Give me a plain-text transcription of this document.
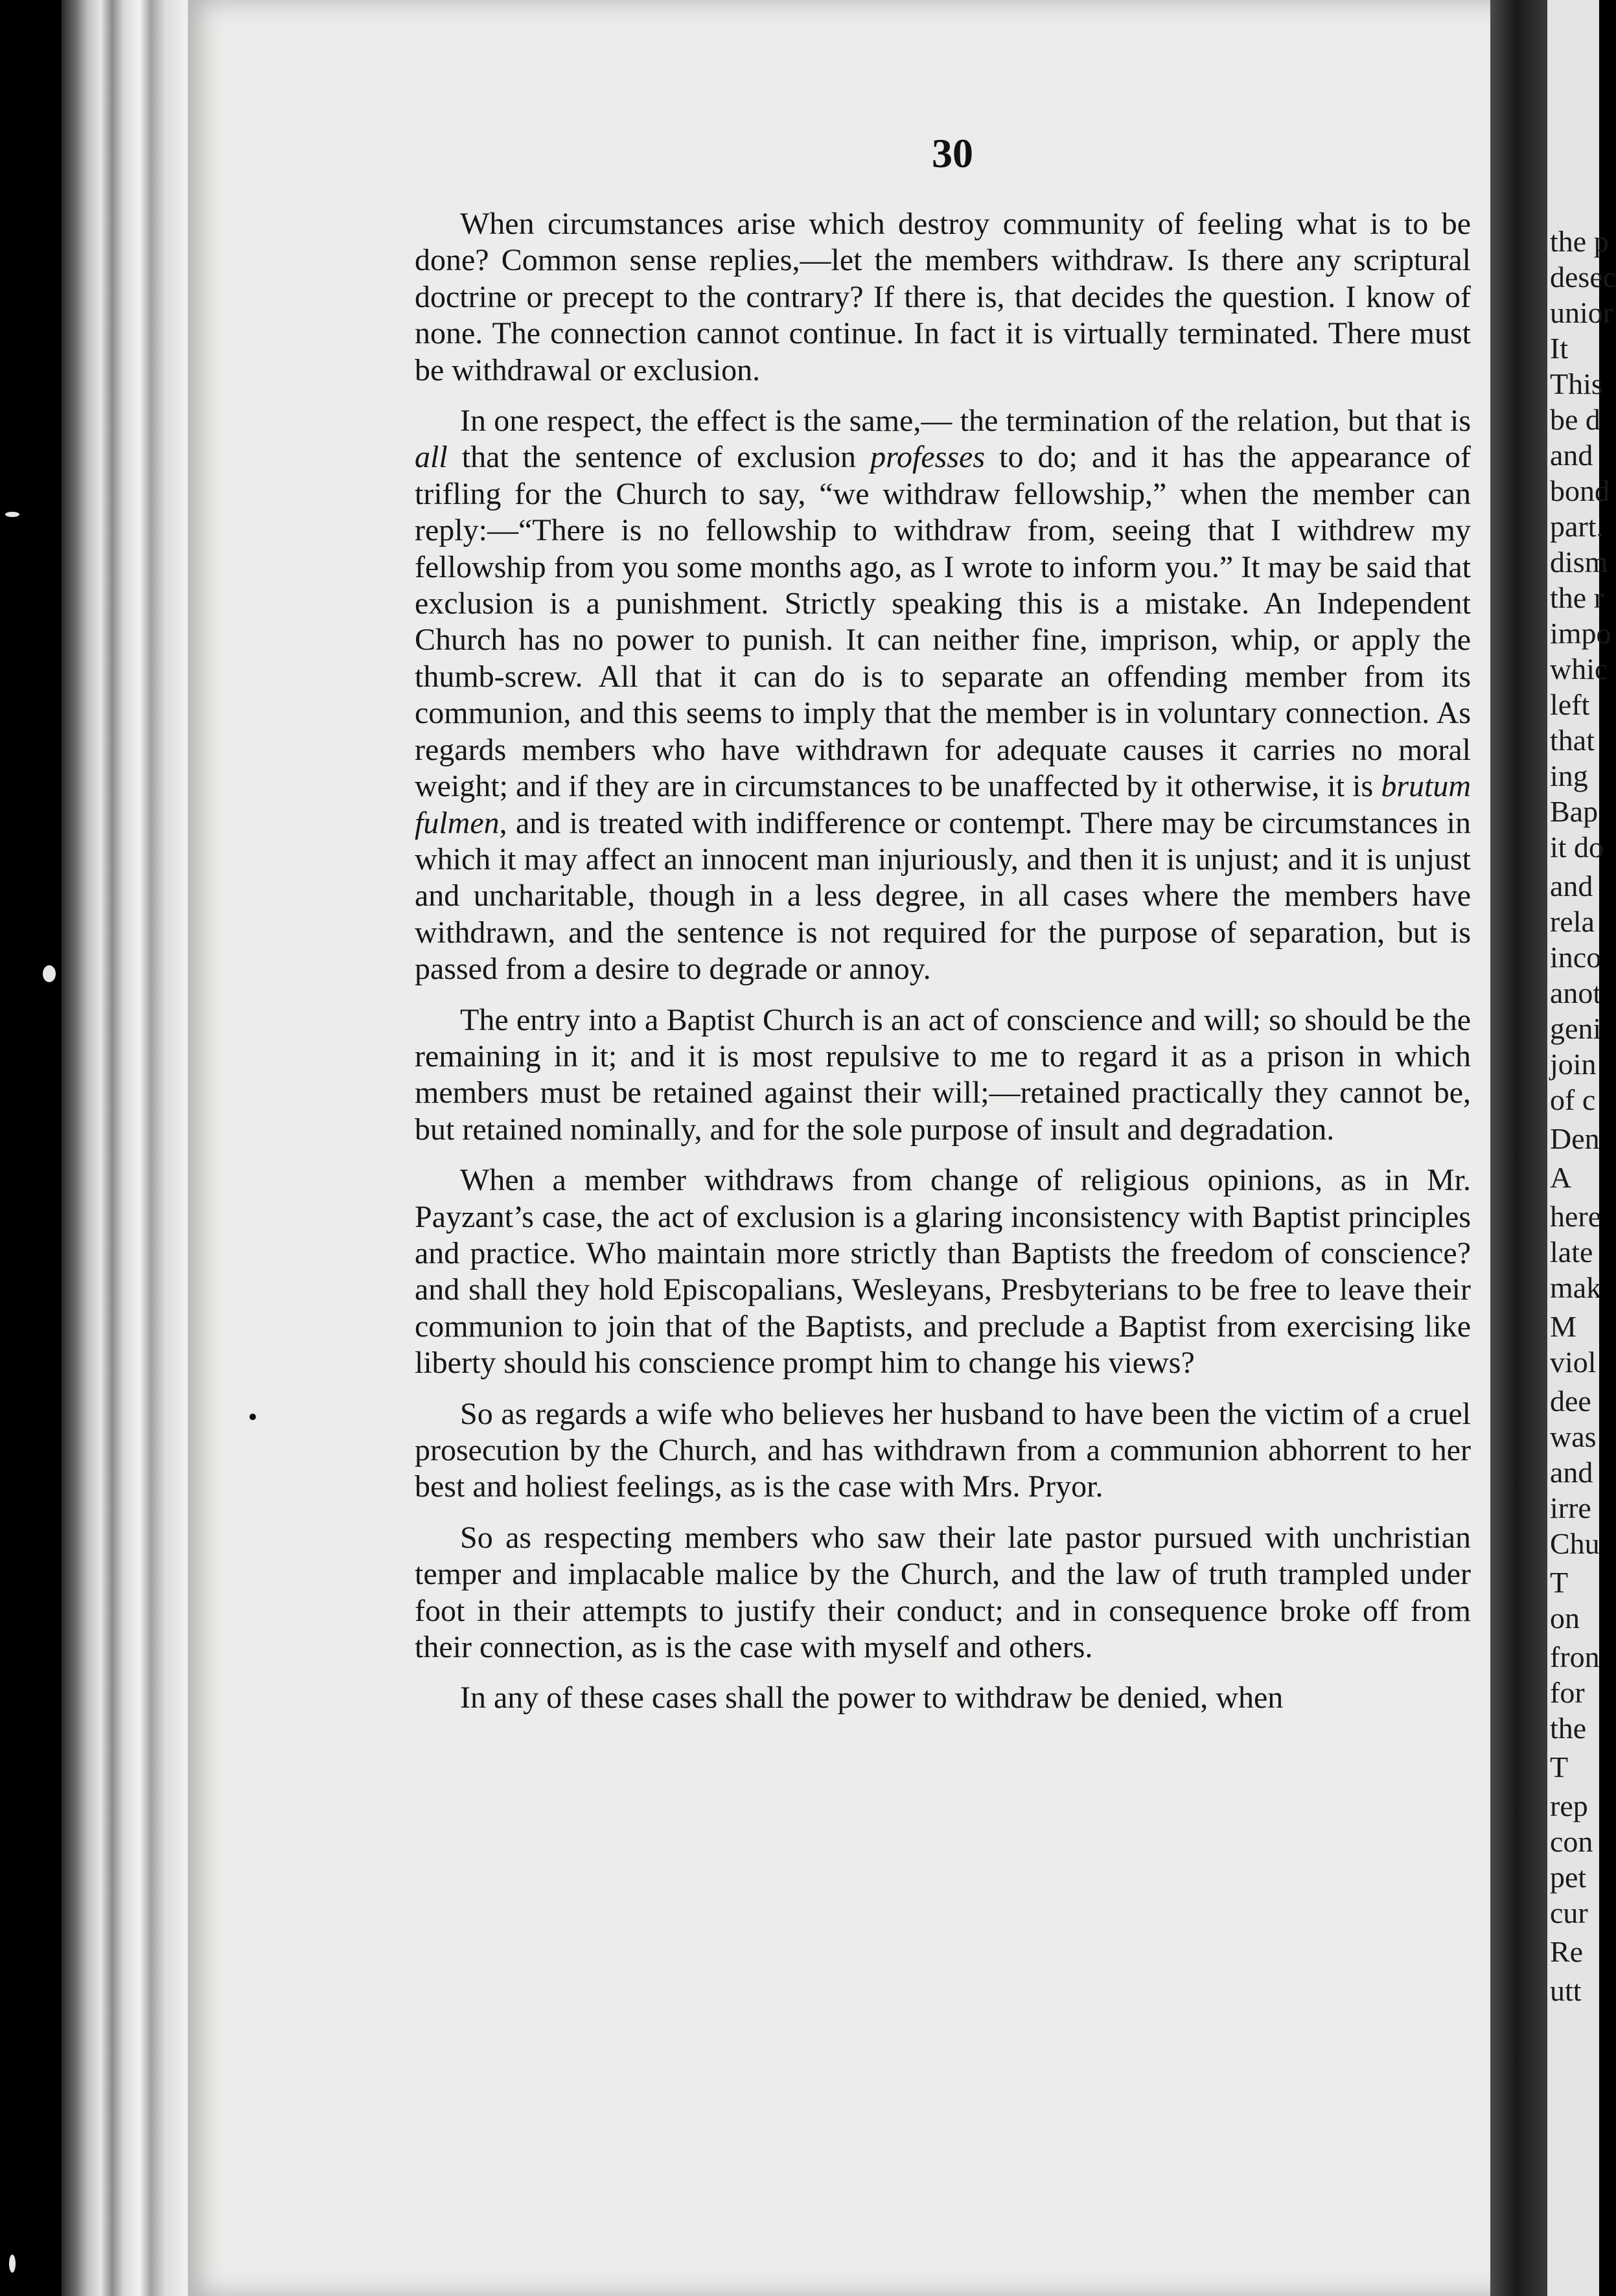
the p
desec
unior
It
This
be d
and
bond
part.
dism
the r
impo
whic
left
that
ing
Bap
it do
and
rela
inco
anot
geni
join
of c
Den
A
here
late
mak
M
viol
dee
was
and
irre
Chu
T
on
fron
for
the
T
rep
con
pet
cur
Re
utt
30

When circumstances arise which destroy community of feeling what is to be done? Common sense replies,—let the members withdraw. Is there any scriptural doctrine or precept to the contrary? If there is, that decides the question. I know of none. The connection cannot continue. In fact it is virtually terminated. There must be withdrawal or exclusion.

In one respect, the effect is the same,— the termination of the relation, but that is all that the sentence of exclusion professes to do; and it has the appearance of trifling for the Church to say, “we withdraw fellowship,” when the member can reply:—“There is no fellowship to withdraw from, seeing that I withdrew my fellowship from you some months ago, as I wrote to inform you.” It may be said that exclusion is a punishment. Strictly speaking this is a mistake. An Independent Church has no power to punish. It can neither fine, imprison, whip, or apply the thumb-screw. All that it can do is to separate an offending member from its communion, and this seems to imply that the member is in voluntary connection. As regards members who have withdrawn for adequate causes it carries no moral weight; and if they are in circumstances to be unaffected by it otherwise, it is brutum fulmen, and is treated with indifference or contempt. There may be circumstances in which it may affect an innocent man injuriously, and then it is unjust; and it is unjust and uncharitable, though in a less degree, in all cases where the members have withdrawn, and the sentence is not required for the purpose of separation, but is passed from a desire to degrade or annoy.

The entry into a Baptist Church is an act of conscience and will; so should be the remaining in it; and it is most repulsive to me to regard it as a prison in which members must be retained against their will;—retained practically they cannot be, but retained nominally, and for the sole purpose of insult and degradation.

When a member withdraws from change of religious opinions, as in Mr. Payzant’s case, the act of exclusion is a glaring inconsistency with Baptist principles and practice. Who maintain more strictly than Baptists the freedom of conscience? and shall they hold Episcopalians, Wesleyans, Presbyterians to be free to leave their communion to join that of the Baptists, and preclude a Baptist from exercising like liberty should his conscience prompt him to change his views?

So as regards a wife who believes her husband to have been the victim of a cruel prosecution by the Church, and has withdrawn from a communion abhorrent to her best and holiest feelings, as is the case with Mrs. Pryor.

So as respecting members who saw their late pastor pursued with unchristian temper and implacable malice by the Church, and the law of truth trampled under foot in their attempts to justify their conduct; and in consequence broke off from their connection, as is the case with myself and others.

In any of these cases shall the power to withdraw be denied, when
